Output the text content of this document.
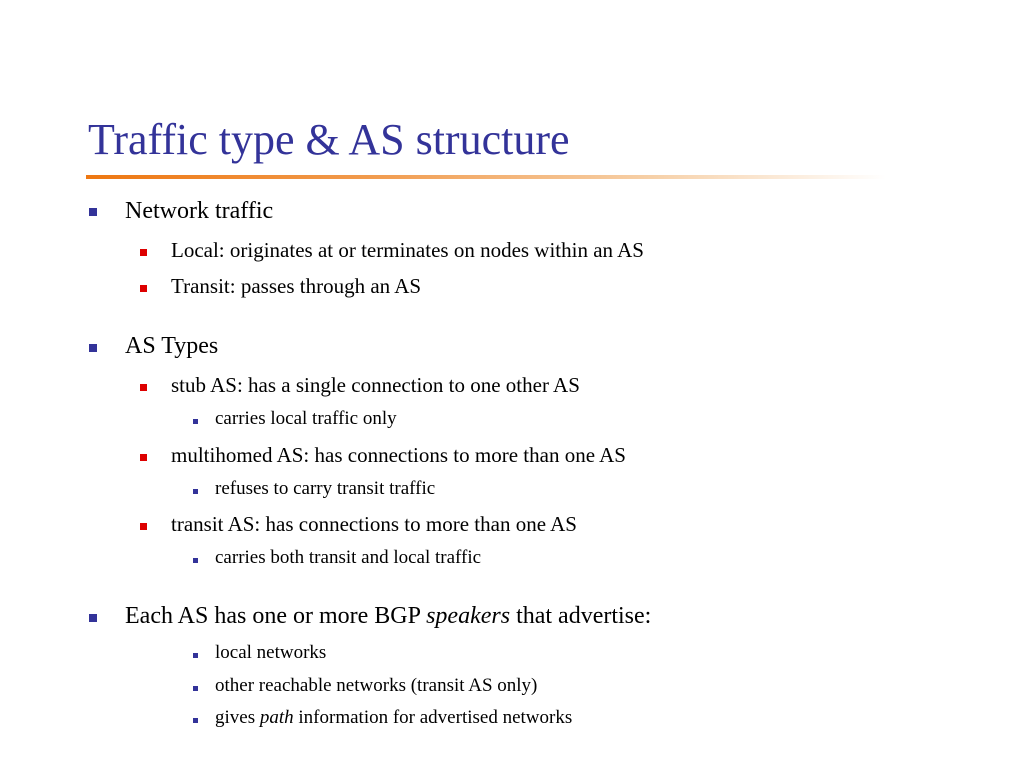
Traffic type & AS structure
Network traffic
Local: originates at or terminates on nodes within an AS
Transit: passes through an AS
AS Types
stub AS: has a single connection to one other AS
carries local traffic only
multihomed AS: has connections to more than one AS
refuses to carry transit traffic
transit AS: has connections to more than one AS
carries both transit and local traffic
Each AS has one or more BGP speakers that advertise:
local networks
other reachable networks (transit AS only)
gives path information for advertised networks
